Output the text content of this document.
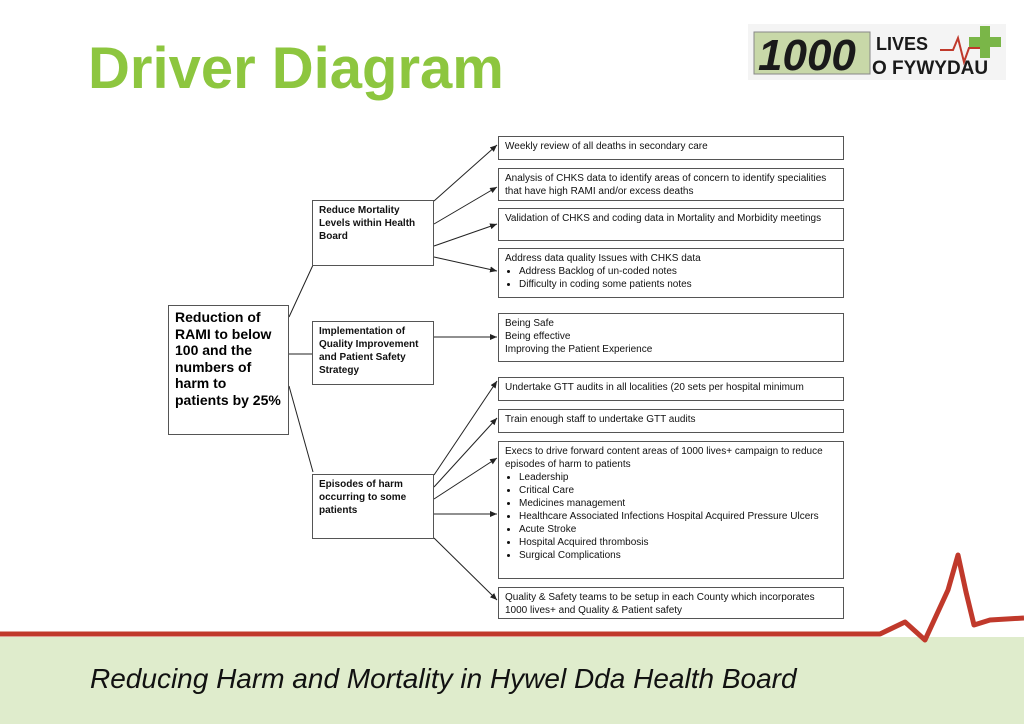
Driver Diagram	1000 LIVES
O FYWYDAU
Reduction of RAMI to below 100 and the numbers of harm to patients by 25%
Reduce Mortality Levels within Health Board
Implementation of Quality Improvement and Patient Safety Strategy
Episodes of harm occurring to some patients
Weekly review of all deaths in secondary care
Analysis of CHKS data to identify areas of concern to identify specialities that have high RAMI and/or excess deaths
Validation of CHKS and coding data in Mortality and Morbidity meetings
Address data quality Issues with CHKS data
• Address Backlog of un-coded notes
• Difficulty in coding some patients notes
Being Safe
Being effective
Improving the Patient Experience
Undertake GTT audits in all localities (20 sets per hospital minimum
Train enough staff to undertake GTT audits
Execs to drive forward content areas of 1000 lives+ campaign to reduce episodes of harm to patients
• Leadership
• Critical Care
• Medicines management
• Healthcare Associated Infections Hospital Acquired Pressure Ulcers
• Acute Stroke
• Hospital Acquired thrombosis
• Surgical Complications
Quality & Safety teams to be setup in each County which incorporates 1000 lives+ and Quality & Patient safety
Reducing Harm and Mortality in Hywel Dda Health Board
